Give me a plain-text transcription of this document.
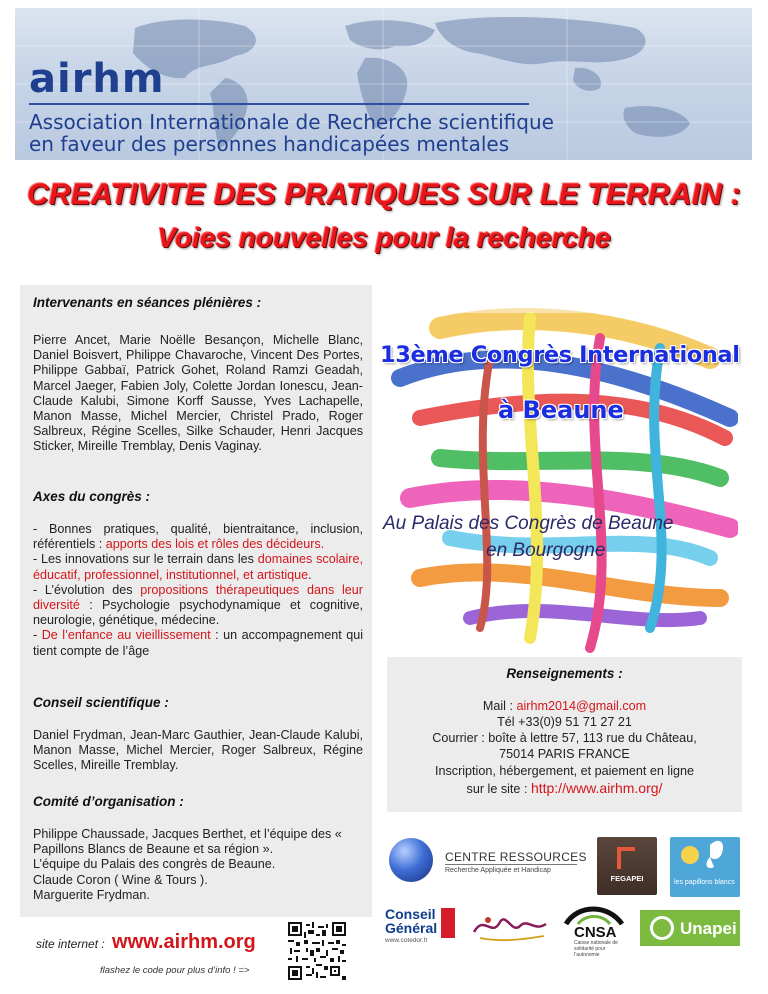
airhm
Association Internationale de Recherche scientifique
en faveur des personnes handicapées mentales
CREATIVITE DES PRATIQUES SUR LE TERRAIN :
Voies nouvelles pour la recherche
Intervenants en séances plénières :
Pierre Ancet, Marie Noëlle Besançon, Michelle Blanc, Daniel Boisvert, Philippe Chavaroche, Vincent Des Portes, Philippe Gabbaï, Patrick Gohet, Roland Ramzi Geadah, Marcel Jaeger, Fabien Joly, Colette Jordan Ionescu, Jean-Claude Kalubi, Simone Korff Sausse, Yves Lachapelle, Manon Masse, Michel Mercier, Christel Prado, Roger Salbreux, Régine Scelles, Silke Schauder, Henri Jacques Sticker, Mireille Tremblay, Denis Vaginay.
Axes du congrès :
- Bonnes pratiques, qualité, bientraitance, inclusion, référentiels : apports des lois et rôles des décideurs.
- Les innovations sur le terrain dans les domaines scolaire, éducatif, professionnel, institutionnel, et artistique.
- L’évolution des propositions thérapeutiques dans leur diversité : Psychologie psychodynamique et cognitive, neurologie, génétique, médecine.
- De l’enfance au vieillissement : un accompagnement qui tient compte de l’âge
Conseil scientifique :
Daniel Frydman, Jean-Marc Gauthier, Jean-Claude Kalubi, Manon Masse, Michel Mercier, Roger Salbreux, Régine Scelles, Mireille Tremblay.
Comité d’organisation :
Philippe Chaussade, Jacques Berthet, et l’équipe des « Papillons Blancs de Beaune et sa région ».
L’équipe du Palais des congrès de Beaune.
Claude Coron ( Wine & Tours ).
Marguerite Frydman.
site internet : www.airhm.org
flashez le code pour plus d’info ! =>
13ème Congrès International
à Beaune
Au Palais des Congrès de Beaune
en Bourgogne
Renseignements :
Mail : airhm2014@gmail.com
Tél +33(0)9 51 71 27 21
Courrier : boîte à lettre 57, 113 rue du Château,
75014 PARIS FRANCE
Inscription, hébergement, et paiement en ligne
sur le site : http://www.airhm.org/
CENTRE RESSOURCES
Recherche Appliquée et Handicap
FEGAPEI	les papillons blancs
Conseil
Général
www.cotedor.fr	CNSA
Caisse nationale de solidarité pour l’autonomie
Unapei
